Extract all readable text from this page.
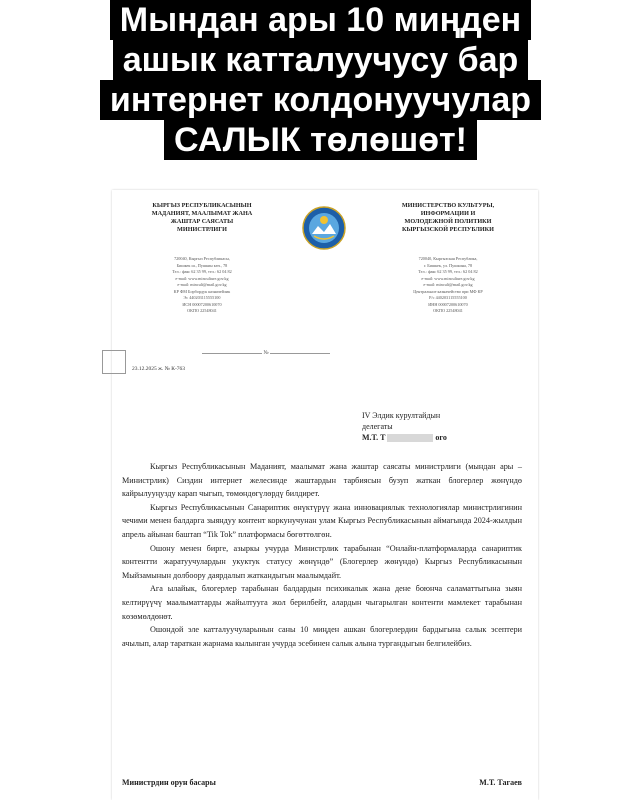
Мындан ары 10 миңден
ашык катталуучусу бар
интернет колдонуучулар
САЛЫК төлөшөт!
КЫРГЫЗ РЕСПУБЛИКАСЫНЫН
МАДАНИЯТ, МААЛЫМАТ ЖАНА
ЖАШТАР САЯСАТЫ
МИНИСТРЛИГИ
МИНИСТЕРСТВО КУЛЬТУРЫ,
ИНФОРМАЦИИ И
МОЛОДЕЖНОЙ ПОЛИТИКИ
КЫРГЫЗСКОЙ РЕСПУБЛИКИ
720040, Кыргыз Республикасы,
Бишкек ш., Пушкин көч., 78
Тел.: факс 62 35 99, тел.: 62 04 82
e-mail: www.minculture.gov.kg
e-mail: mincult@mail.gov.kg
КР ФМ Борбордук казначейлик
Эс 440203115555100
ИСН 00007200610070
ОКПО 22548041
720040, Кыргызская Республика,
г. Бишкек, ул. Пушкина, 78
Тел.: факс 62 35 99, тел.: 62 04 82
e-mail: www.minculture.gov.kg
e-mail: mincult@mail.gov.kg
Центральное казначейство при МФ КР
Р/с 440203115555100
ИНН 00007200610070
ОКПО 22548041
№
23.12.2025 ж. № К-763
IV Элдик курултайдын
делегаты
М.Т. Т	ого

Кыргыз Республикасынын Маданият, маалымат жана жаштар саясаты министрлиги (мындан ары – Министрлик) Сиздин интернет желесинде жаштардын тарбиясын бузуп жаткан блогерлер жөнүндө кайрылууңузду карап чыгып, төмөндөгүлөрдү билдирет.

Кыргыз Республикасынын Санариптик өнүктүрүү жана инновациялык технологиялар министрлигинин чечими менен балдарга зыяндуу контент коркунучунан улам Кыргыз Республикасынын аймагында 2024-жылдын апрель айынан баштап “Tik Tok” платформасы бөгөттөлгөн.

Ошону менен бирге, азыркы учурда Министрлик тарабынан “Онлайн-платформаларда санариптик контентти жаратуучулардын укуктук статусу жөнүндө” (Блогерлер жөнүндө) Кыргыз Республикасынын Мыйзамынын долбоору даярдалып жаткандыгын маалымдайт.

Ага ылайык, блогерлер тарабынан балдардын психикалык жана дене боюнча саламаттыгына зыян келтирүүчү маалыматтарды жайылтууга жол берилбейт, алардын чыгарылган контенти мамлекет тарабынан көзөмөлдөнөт.

Ошондой эле катталуучуларынын саны 10 миңден ашкан блогерлердин бардыгына салык эсептери ачылып, алар тараткан жарнама кылынган учурда эсебинен салык алына тургандыгын белгилейбиз.

Министрдин орун басары	М.Т. Тагаев
